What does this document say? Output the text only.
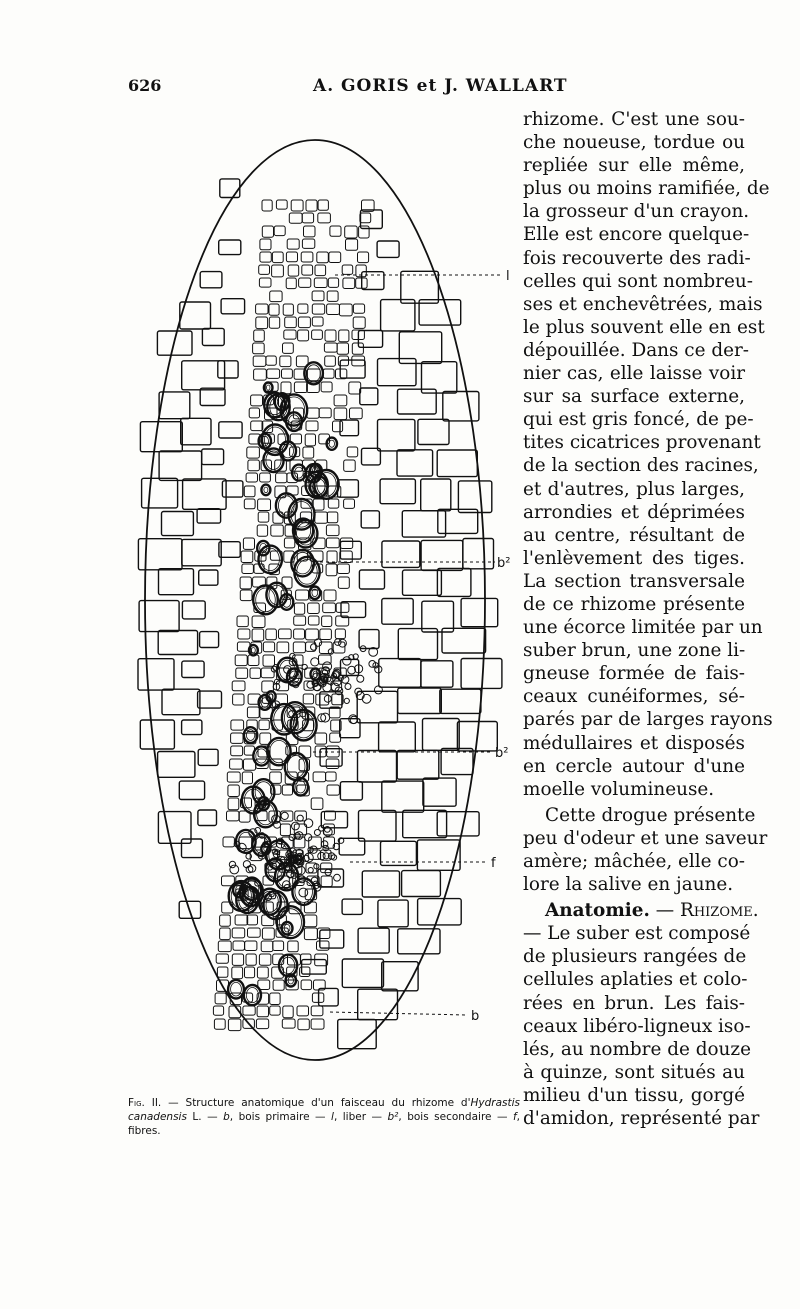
626	A. GORIS et J. WALLART
l
b²
b²
f
b
Fig. II. — Structure anatomique d'un faisceau du rhizome d'Hydrastis canadensis L. — b, bois primaire — l, liber — b², bois secondaire — f, fibres.
rhizome. C'est une sou-
che noueuse, tordue ou
repliée sur elle même,
plus ou moins ramifiée, de
la grosseur d'un crayon.
Elle est encore quelque-
fois recouverte des radi-
celles qui sont nombreu-
ses et enchevêtrées, mais
le plus souvent elle en est
dépouillée. Dans ce der-
nier cas, elle laisse voir
sur sa surface externe,
qui est gris foncé, de pe-
tites cicatrices provenant
de la section des racines,
et d'autres, plus larges,
arrondies et déprimées
au centre, résultant de
l'enlèvement des tiges.
La section transversale
de ce rhizome présente
une écorce limitée par un
suber brun, une zone li-
gneuse formée de fais-
ceaux cunéiformes, sé-
parés par de larges rayons
médullaires et disposés
en cercle autour d'une
moelle volumineuse.
Cette drogue présente
peu d'odeur et une saveur
amère; mâchée, elle co-
lore la salive en jaune.
Anatomie. — Rhizome.
— Le suber est composé
de plusieurs rangées de
cellules aplaties et colo-
rées en brun. Les fais-
ceaux libéro-ligneux iso-
lés, au nombre de douze
à quinze, sont situés au
milieu d'un tissu, gorgé
d'amidon, représenté par
